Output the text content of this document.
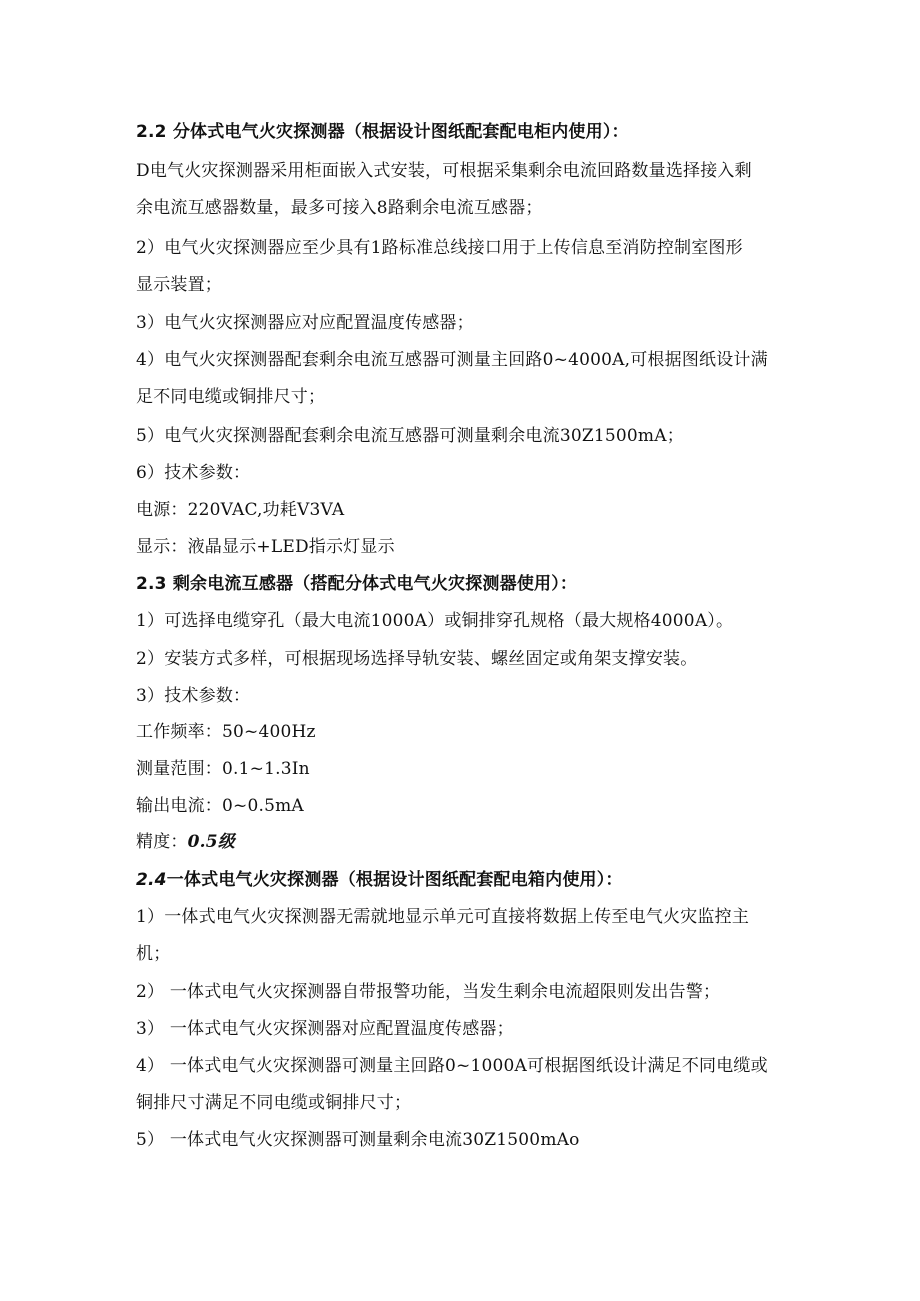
2.2 分体式电气火灾探测器（根据设计图纸配套配电柜内使用）：
D电气火灾探测器采用柜面嵌入式安装，可根据采集剩余电流回路数量选择接入剩
余电流互感器数量，最多可接入8路剩余电流互感器；
2）电气火灾探测器应至少具有1路标准总线接口用于上传信息至消防控制室图形
显示装置；
3）电气火灾探测器应对应配置温度传感器；
4）电气火灾探测器配套剩余电流互感器可测量主回路0~4000A,可根据图纸设计满
足不同电缆或铜排尺寸；
5）电气火灾探测器配套剩余电流互感器可测量剩余电流30Z1500mA；
6）技术参数：
电源：220VAC,功耗V3VA
显示：液晶显示+LED指示灯显示
2.3 剩余电流互感器（搭配分体式电气火灾探测器使用）：
1）可选择电缆穿孔（最大电流1000A）或铜排穿孔规格（最大规格4000A）。
2）安装方式多样，可根据现场选择导轨安装、螺丝固定或角架支撑安装。
3）技术参数：
工作频率：50~400Hz
测量范围：0.1~1.3In
输出电流：0~0.5mA
精度：0.5级
2.4一体式电气火灾探测器（根据设计图纸配套配电箱内使用）：
1）一体式电气火灾探测器无需就地显示单元可直接将数据上传至电气火灾监控主
机；
2） 一体式电气火灾探测器自带报警功能，当发生剩余电流超限则发出告警；
3） 一体式电气火灾探测器对应配置温度传感器；
4） 一体式电气火灾探测器可测量主回路0~1000A可根据图纸设计满足不同电缆或
铜排尺寸满足不同电缆或铜排尺寸；
5） 一体式电气火灾探测器可测量剩余电流30Z1500mAo
